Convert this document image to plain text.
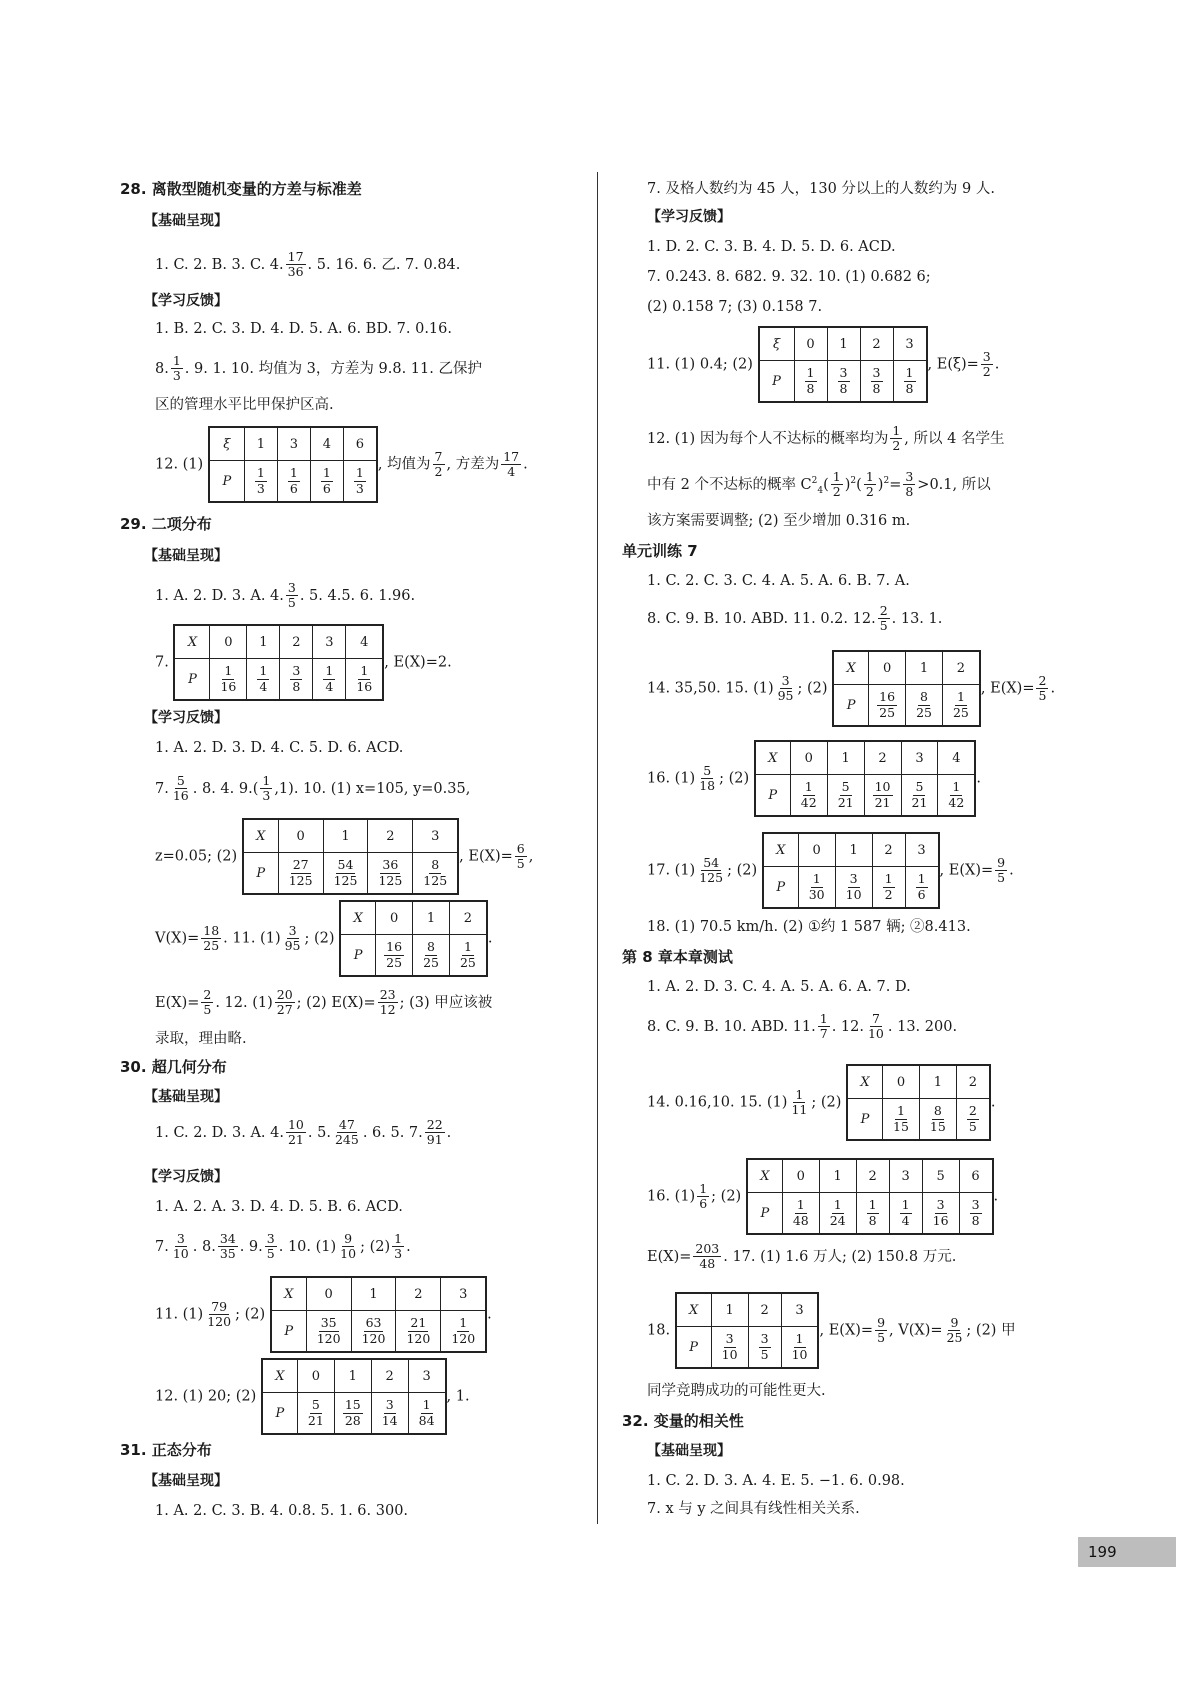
28. 离散型随机变量的方差与标准差
【基础呈现】
1. C. 2. B. 3. C. 4. $\frac{17}{36}$ . 5. 16. 6. 乙. 7. 0.84.
【学习反馈】
1. B. 2. C. 3. D. 4. D. 5. A. 6. BD. 7. 0.16.
8. $\frac{1}{3}$ . 9. 1. 10. 均值为 3，方差为 9.8. 11. 乙保护
区的管理水平比甲保护区高.
12. (1) ξ	1	3	4	6
P	$\frac{1}{3}$	$\frac{1}{6}$	$\frac{1}{6}$	$\frac{1}{3}$
, 均值为 $\frac{7}{2}$ , 方差为 $\frac{17}{4}$ .
29. 二项分布
【基础呈现】
1. A. 2. D. 3. A. 4. $\frac{3}{5}$ . 5. 4.5. 6. 1.96.
7. X	0	1	2	3	4
P	$\frac{1}{16}$	$\frac{1}{4}$	$\frac{3}{8}$	$\frac{1}{4}$	$\frac{1}{16}$
, E(X)=2.
【学习反馈】
1. A. 2. D. 3. D. 4. C. 5. D. 6. ACD.
7. $\frac{5}{16}$ . 8. 4. $9.( \frac{1}{3} ,1)$. 10. (1) x=105, y=0.35,
z=0.05; (2) X	0	1	2	3
P	$\frac{27}{125}$	$\frac{54}{125}$	$\frac{36}{125}$	$\frac{8}{125}$
, $E(X)= \frac{6}{5}$ ,
$V(X)= \frac{18}{25}$ . 11. $(1) \frac{3}{95}$ ; (2) X	0	1	2
P	$\frac{16}{25}$	$\frac{8}{25}$	$\frac{1}{25}$
.
$E(X)= \frac{2}{5}$ . 12. $(1) \frac{20}{27}$ ; (2) $E(X)= \frac{23}{12}$ ; (3) 甲应该被
录取，理由略.
30. 超几何分布
【基础呈现】
1. C. 2. D. 3. A. 4. $\frac{10}{21}$ . 5. $\frac{47}{245}$ . 6. 5. 7. $\frac{22}{91}$ .
【学习反馈】
1. A. 2. A. 3. D. 4. D. 5. B. 6. ACD.
7. $\frac{3}{10}$ . 8. $\frac{34}{35}$ . 9. $\frac{3}{5}$ . 10. $(1) \frac{9}{10}$ ; $(2) \frac{1}{3}$ .
11. $(1) \frac{79}{120}$ ; (2) X	0	1	2	3
P	$\frac{35}{120}$	$\frac{63}{120}$	$\frac{21}{120}$	$\frac{1}{120}$
.
12. (1) 20; (2) X	0	1	2	3
P	$\frac{5}{21}$	$\frac{15}{28}$	$\frac{3}{14}$	$\frac{1}{84}$
, 1.
31. 正态分布
【基础呈现】
1. A. 2. C. 3. B. 4. 0.8. 5. 1. 6. 300.
7. 及格人数约为 45 人，130 分以上的人数约为 9 人.
【学习反馈】
1. D. 2. C. 3. B. 4. D. 5. D. 6. ACD.
7. 0.243. 8. 682. 9. 32. 10. (1) 0.682 6;
(2) 0.158 7; (3) 0.158 7.
11. (1) 0.4; (2) ξ	0	1	2	3
P	$\frac{1}{8}$	$\frac{3}{8}$	$\frac{3}{8}$	$\frac{1}{8}$
, $E(\xi)= \frac{3}{2}$ .
12. (1) 因为每个人不达标的概率均为 $\frac{1}{2}$ , 所以 4 名学生
中有 2 个不达标的概率 $C^2_4( \frac{1}{2} )^2( \frac{1}{2} )^2= \frac{3}{8} >0.1$, 所以
该方案需要调整; (2) 至少增加 0.316 m.
单元训练 7
1. C. 2. C. 3. C. 4. A. 5. A. 6. B. 7. A.
8. C. 9. B. 10. ABD. 11. 0.2. 12. $\frac{2}{5}$ . 13. 1.
14. 35,50. 15. $(1) \frac{3}{95}$ ; (2) X	0	1	2
P	$\frac{16}{25}$	$\frac{8}{25}$	$\frac{1}{25}$
, $E(X)= \frac{2}{5}$ .
16. $(1) \frac{5}{18}$ ; (2) X	0	1	2	3	4
P	$\frac{1}{42}$	$\frac{5}{21}$	$\frac{10}{21}$	$\frac{5}{21}$	$\frac{1}{42}$
.
17. $(1) \frac{54}{125}$ ; (2) X	0	1	2	3
P	$\frac{1}{30}$	$\frac{3}{10}$	$\frac{1}{2}$	$\frac{1}{6}$
, $E(X)= \frac{9}{5}$ .
18. (1) 70.5 km/h. (2) ①约 1 587 辆; ②8.413.
第 8 章本章测试
1. A. 2. D. 3. C. 4. A. 5. A. 6. A. 7. D.
8. C. 9. B. 10. ABD. 11. $\frac{1}{7}$ . 12. $\frac{7}{10}$ . 13. 200.
14. 0.16,10. 15. $(1) \frac{1}{11}$ ; (2) X	0	1	2
P	$\frac{1}{15}$	$\frac{8}{15}$	$\frac{2}{5}$
.
16. $(1) \frac{1}{6}$ ; (2) X	0	1	2	3	5	6
P	$\frac{1}{48}$	$\frac{1}{24}$	$\frac{1}{8}$	$\frac{1}{4}$	$\frac{3}{16}$	$\frac{3}{8}$
.
$E(X)= \frac{203}{48}$ . 17. (1) 1.6 万人; (2) 150.8 万元.
18. X	1	2	3
P	$\frac{3}{10}$	$\frac{3}{5}$	$\frac{1}{10}$
, $E(X)= \frac{9}{5}$ , $V(X)= \frac{9}{25}$ ; (2) 甲
同学竞聘成功的可能性更大.
32. 变量的相关性
【基础呈现】
1. C. 2. D. 3. A. 4. E. 5. −1. 6. 0.98.
7. x 与 y 之间具有线性相关关系.
199
